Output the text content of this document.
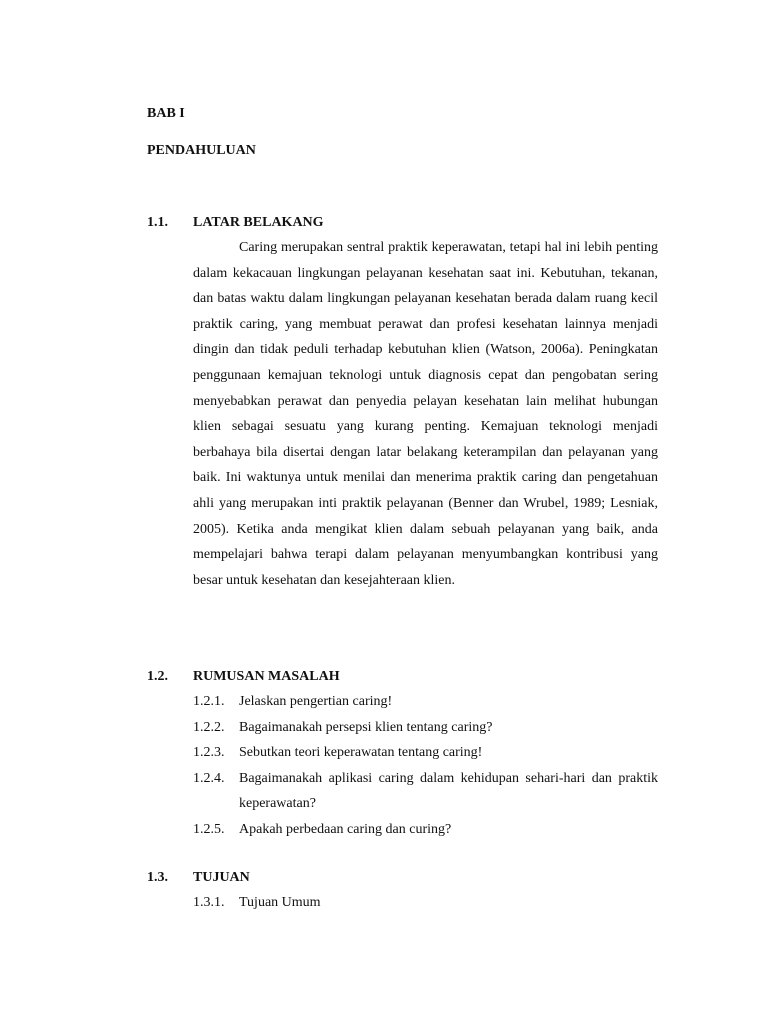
BAB I
PENDAHULUAN
1.1. LATAR BELAKANG

Caring merupakan sentral praktik keperawatan, tetapi hal ini lebih penting dalam kekacauan lingkungan pelayanan kesehatan saat ini. Kebutuhan, tekanan, dan batas waktu dalam lingkungan pelayanan kesehatan berada dalam ruang kecil praktik caring, yang membuat perawat dan profesi kesehatan lainnya menjadi dingin dan tidak peduli terhadap kebutuhan klien (Watson, 2006a). Peningkatan penggunaan kemajuan teknologi untuk diagnosis cepat dan pengobatan sering menyebabkan perawat dan penyedia pelayan kesehatan lain melihat hubungan klien sebagai sesuatu yang kurang penting. Kemajuan teknologi menjadi berbahaya bila disertai dengan latar belakang keterampilan dan pelayanan yang baik. Ini waktunya untuk menilai dan menerima praktik caring dan pengetahuan ahli yang merupakan inti praktik pelayanan (Benner dan Wrubel, 1989; Lesniak, 2005). Ketika anda mengikat klien dalam sebuah pelayanan yang baik, anda mempelajari bahwa terapi dalam pelayanan menyumbangkan kontribusi yang besar untuk kesehatan dan kesejahteraan klien.

1.2. RUMUSAN MASALAH
1.2.1. Jelaskan pengertian caring!
1.2.2. Bagaimanakah persepsi klien tentang caring?
1.2.3. Sebutkan teori keperawatan tentang caring!
1.2.4. Bagaimanakah aplikasi caring dalam kehidupan sehari-hari dan praktik keperawatan?
1.2.5. Apakah perbedaan caring dan curing?
1.3. TUJUAN
1.3.1. Tujuan Umum
